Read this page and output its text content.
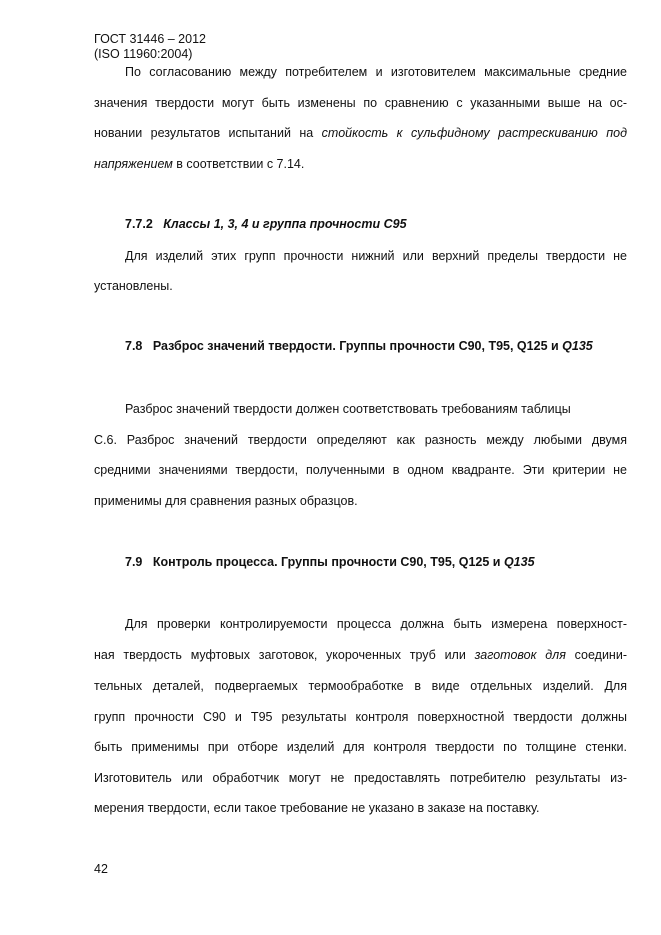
ГОСТ 31446 – 2012
(ISO 11960:2004)
По согласованию между потребителем и изготовителем максимальные средние
значения твердости могут быть изменены по сравнению с указанными выше на ос-
новании результатов испытаний на стойкость к сульфидному растрескиванию под
напряжением в соответствии с 7.14.
7.7.2 Классы 1, 3, 4 и группа прочности C95
Для изделий этих групп прочности нижний или верхний пределы твердости не
установлены.
7.8 Разброс значений твердости. Группы прочности C90, T95, Q125 и Q135
Разброс значений твердости должен соответствовать требованиям таблицы
С.6. Разброс значений твердости определяют как разность между любыми двумя
средними значениями твердости, полученными в одном квадранте. Эти критерии не
применимы для сравнения разных образцов.
7.9 Контроль процесса. Группы прочности C90, T95, Q125 и Q135
Для проверки контролируемости процесса должна быть измерена поверхност-
ная твердость муфтовых заготовок, укороченных труб или заготовок для соедини-
тельных деталей, подвергаемых термообработке в виде отдельных изделий. Для
групп прочности C90 и T95 результаты контроля поверхностной твердости должны
быть применимы при отборе изделий для контроля твердости по толщине стенки.
Изготовитель или обработчик могут не предоставлять потребителю результаты из-
мерения твердости, если такое требование не указано в заказе на поставку.
42
